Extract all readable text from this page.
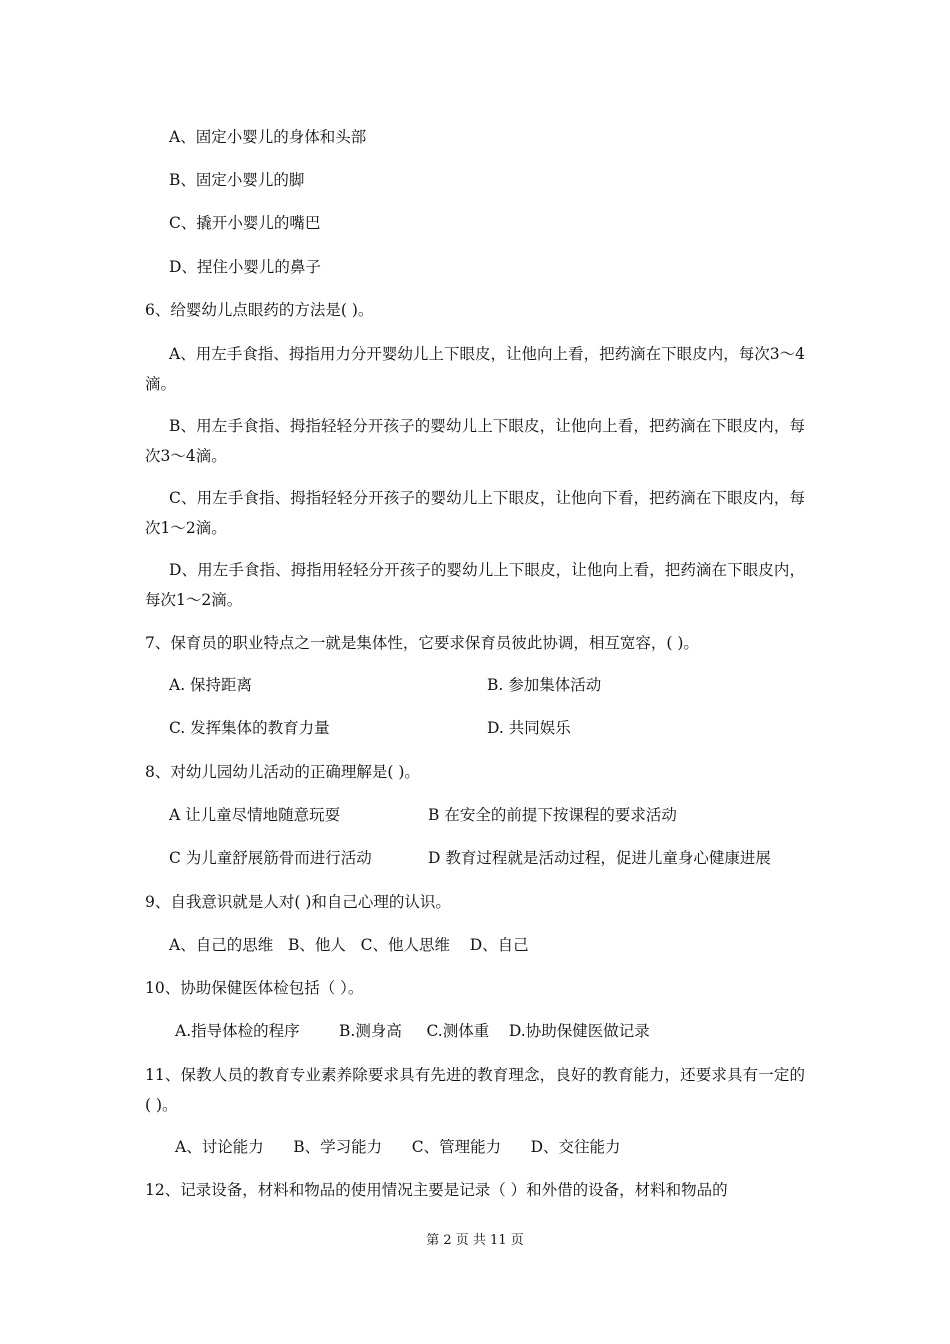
A、固定小婴儿的身体和头部
B、固定小婴儿的脚
C、撬开小婴儿的嘴巴
D、捏住小婴儿的鼻子
6、给婴幼儿点眼药的方法是( )。
A、用左手食指、拇指用力分开婴幼儿上下眼皮，让他向上看，把药滴在下眼皮内，每次3～4滴。
B、用左手食指、拇指轻轻分开孩子的婴幼儿上下眼皮，让他向上看，把药滴在下眼皮内，每次3～4滴。
C、用左手食指、拇指轻轻分开孩子的婴幼儿上下眼皮，让他向下看，把药滴在下眼皮内，每次1～2滴。
D、用左手食指、拇指用轻轻分开孩子的婴幼儿上下眼皮，让他向上看，把药滴在下眼皮内，每次1～2滴。
7、保育员的职业特点之一就是集体性，它要求保育员彼此协调，相互宽容，( )。
A. 保持距离	B. 参加集体活动
C. 发挥集体的教育力量	D. 共同娱乐
8、对幼儿园幼儿活动的正确理解是( )。
A 让儿童尽情地随意玩耍	B 在安全的前提下按课程的要求活动
C 为儿童舒展筋骨而进行活动	D 教育过程就是活动过程，促进儿童身心健康进展
9、自我意识就是人对( )和自己心理的认识。
A、自己的思维   B、他人   C、他人思维    D、自己
10、协助保健医体检包括（ ）。
A.指导体检的程序        B.测身高     C.测体重    D.协助保健医做记录
11、保教人员的教育专业素养除要求具有先进的教育理念，良好的教育能力，还要求具有一定的( )。
A、讨论能力      B、学习能力      C、管理能力      D、交往能力
12、记录设备，材料和物品的使用情况主要是记录（ ）和外借的设备，材料和物品的
第 2 页 共 11 页
